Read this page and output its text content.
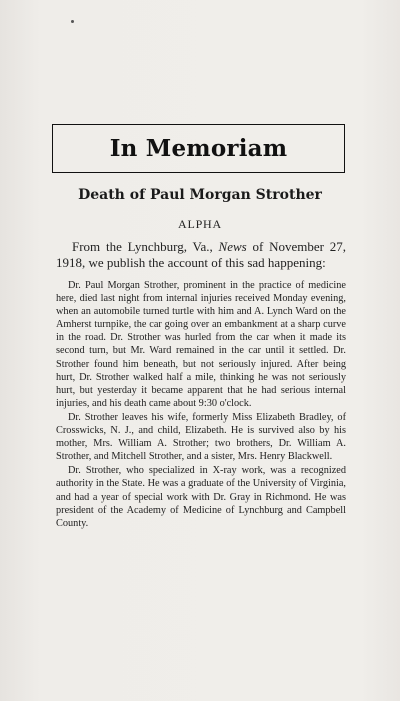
In Memoriam
Death of Paul Morgan Strother
ALPHA

From the Lynchburg, Va., News of November 27, 1918, we publish the account of this sad happening:

Dr. Paul Morgan Strother, prominent in the practice of medicine here, died last night from internal injuries received Monday evening, when an automobile turned turtle with him and A. Lynch Ward on the Amherst turnpike, the car going over an embankment at a sharp curve in the road. Dr. Strother was hurled from the car when it made its second turn, but Mr. Ward remained in the car until it settled. Dr. Strother found him beneath, but not seriously injured. After being hurt, Dr. Strother walked half a mile, thinking he was not seriously hurt, but yesterday it became apparent that he had serious internal injuries, and his death came about 9:30 o'clock.

Dr. Strother leaves his wife, formerly Miss Elizabeth Bradley, of Crosswicks, N. J., and child, Elizabeth. He is survived also by his mother, Mrs. William A. Strother; two brothers, Dr. William A. Strother, and Mitchell Strother, and a sister, Mrs. Henry Blackwell.

Dr. Strother, who specialized in X-ray work, was a recognized authority in the State. He was a graduate of the University of Virginia, and had a year of special work with Dr. Gray in Richmond. He was president of the Academy of Medicine of Lynchburg and Campbell County.
